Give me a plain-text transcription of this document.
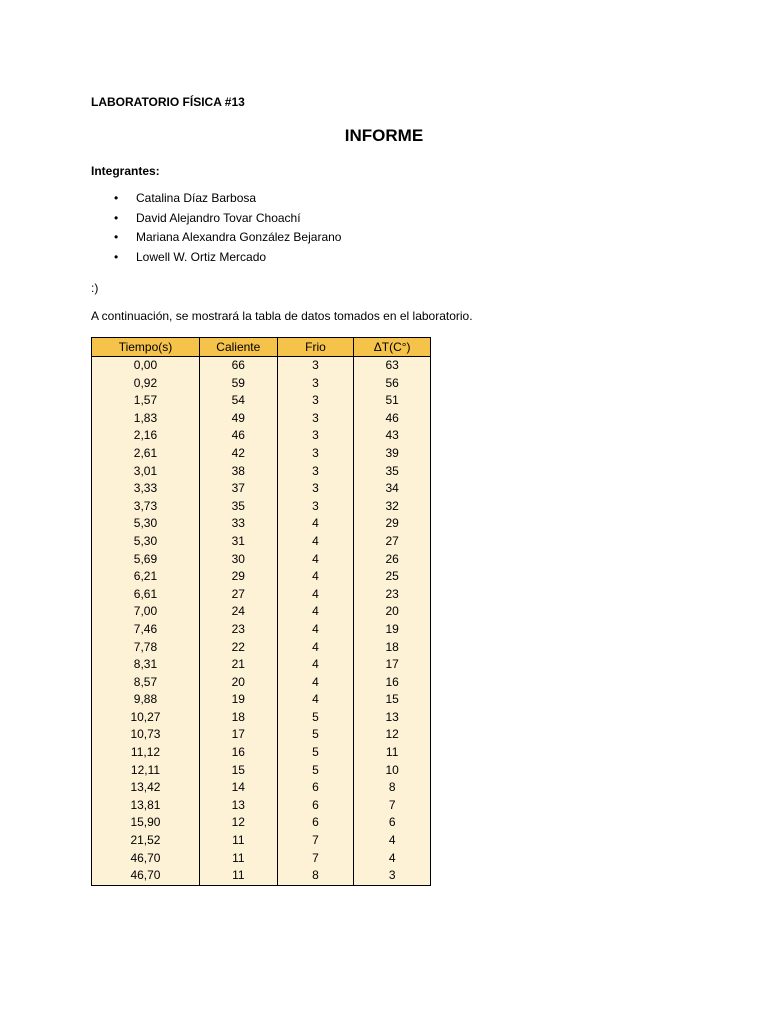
LABORATORIO FÍSICA #13
INFORME
Integrantes:
• Catalina Díaz Barbosa
• David Alejandro Tovar Choachí
• Mariana Alexandra González Bejarano
• Lowell W. Ortiz Mercado
:)
A continuación, se mostrará la tabla de datos tomados en el laboratorio.
Tiempo(s)	Caliente	Frio	ΔT(C°)
0,00	66	3	63
0,92	59	3	56
1,57	54	3	51
1,83	49	3	46
2,16	46	3	43
2,61	42	3	39
3,01	38	3	35
3,33	37	3	34
3,73	35	3	32
5,30	33	4	29
5,30	31	4	27
5,69	30	4	26
6,21	29	4	25
6,61	27	4	23
7,00	24	4	20
7,46	23	4	19
7,78	22	4	18
8,31	21	4	17
8,57	20	4	16
9,88	19	4	15
10,27	18	5	13
10,73	17	5	12
11,12	16	5	11
12,11	15	5	10
13,42	14	6	8
13,81	13	6	7
15,90	12	6	6
21,52	11	7	4
46,70	11	7	4
46,70	11	8	3
